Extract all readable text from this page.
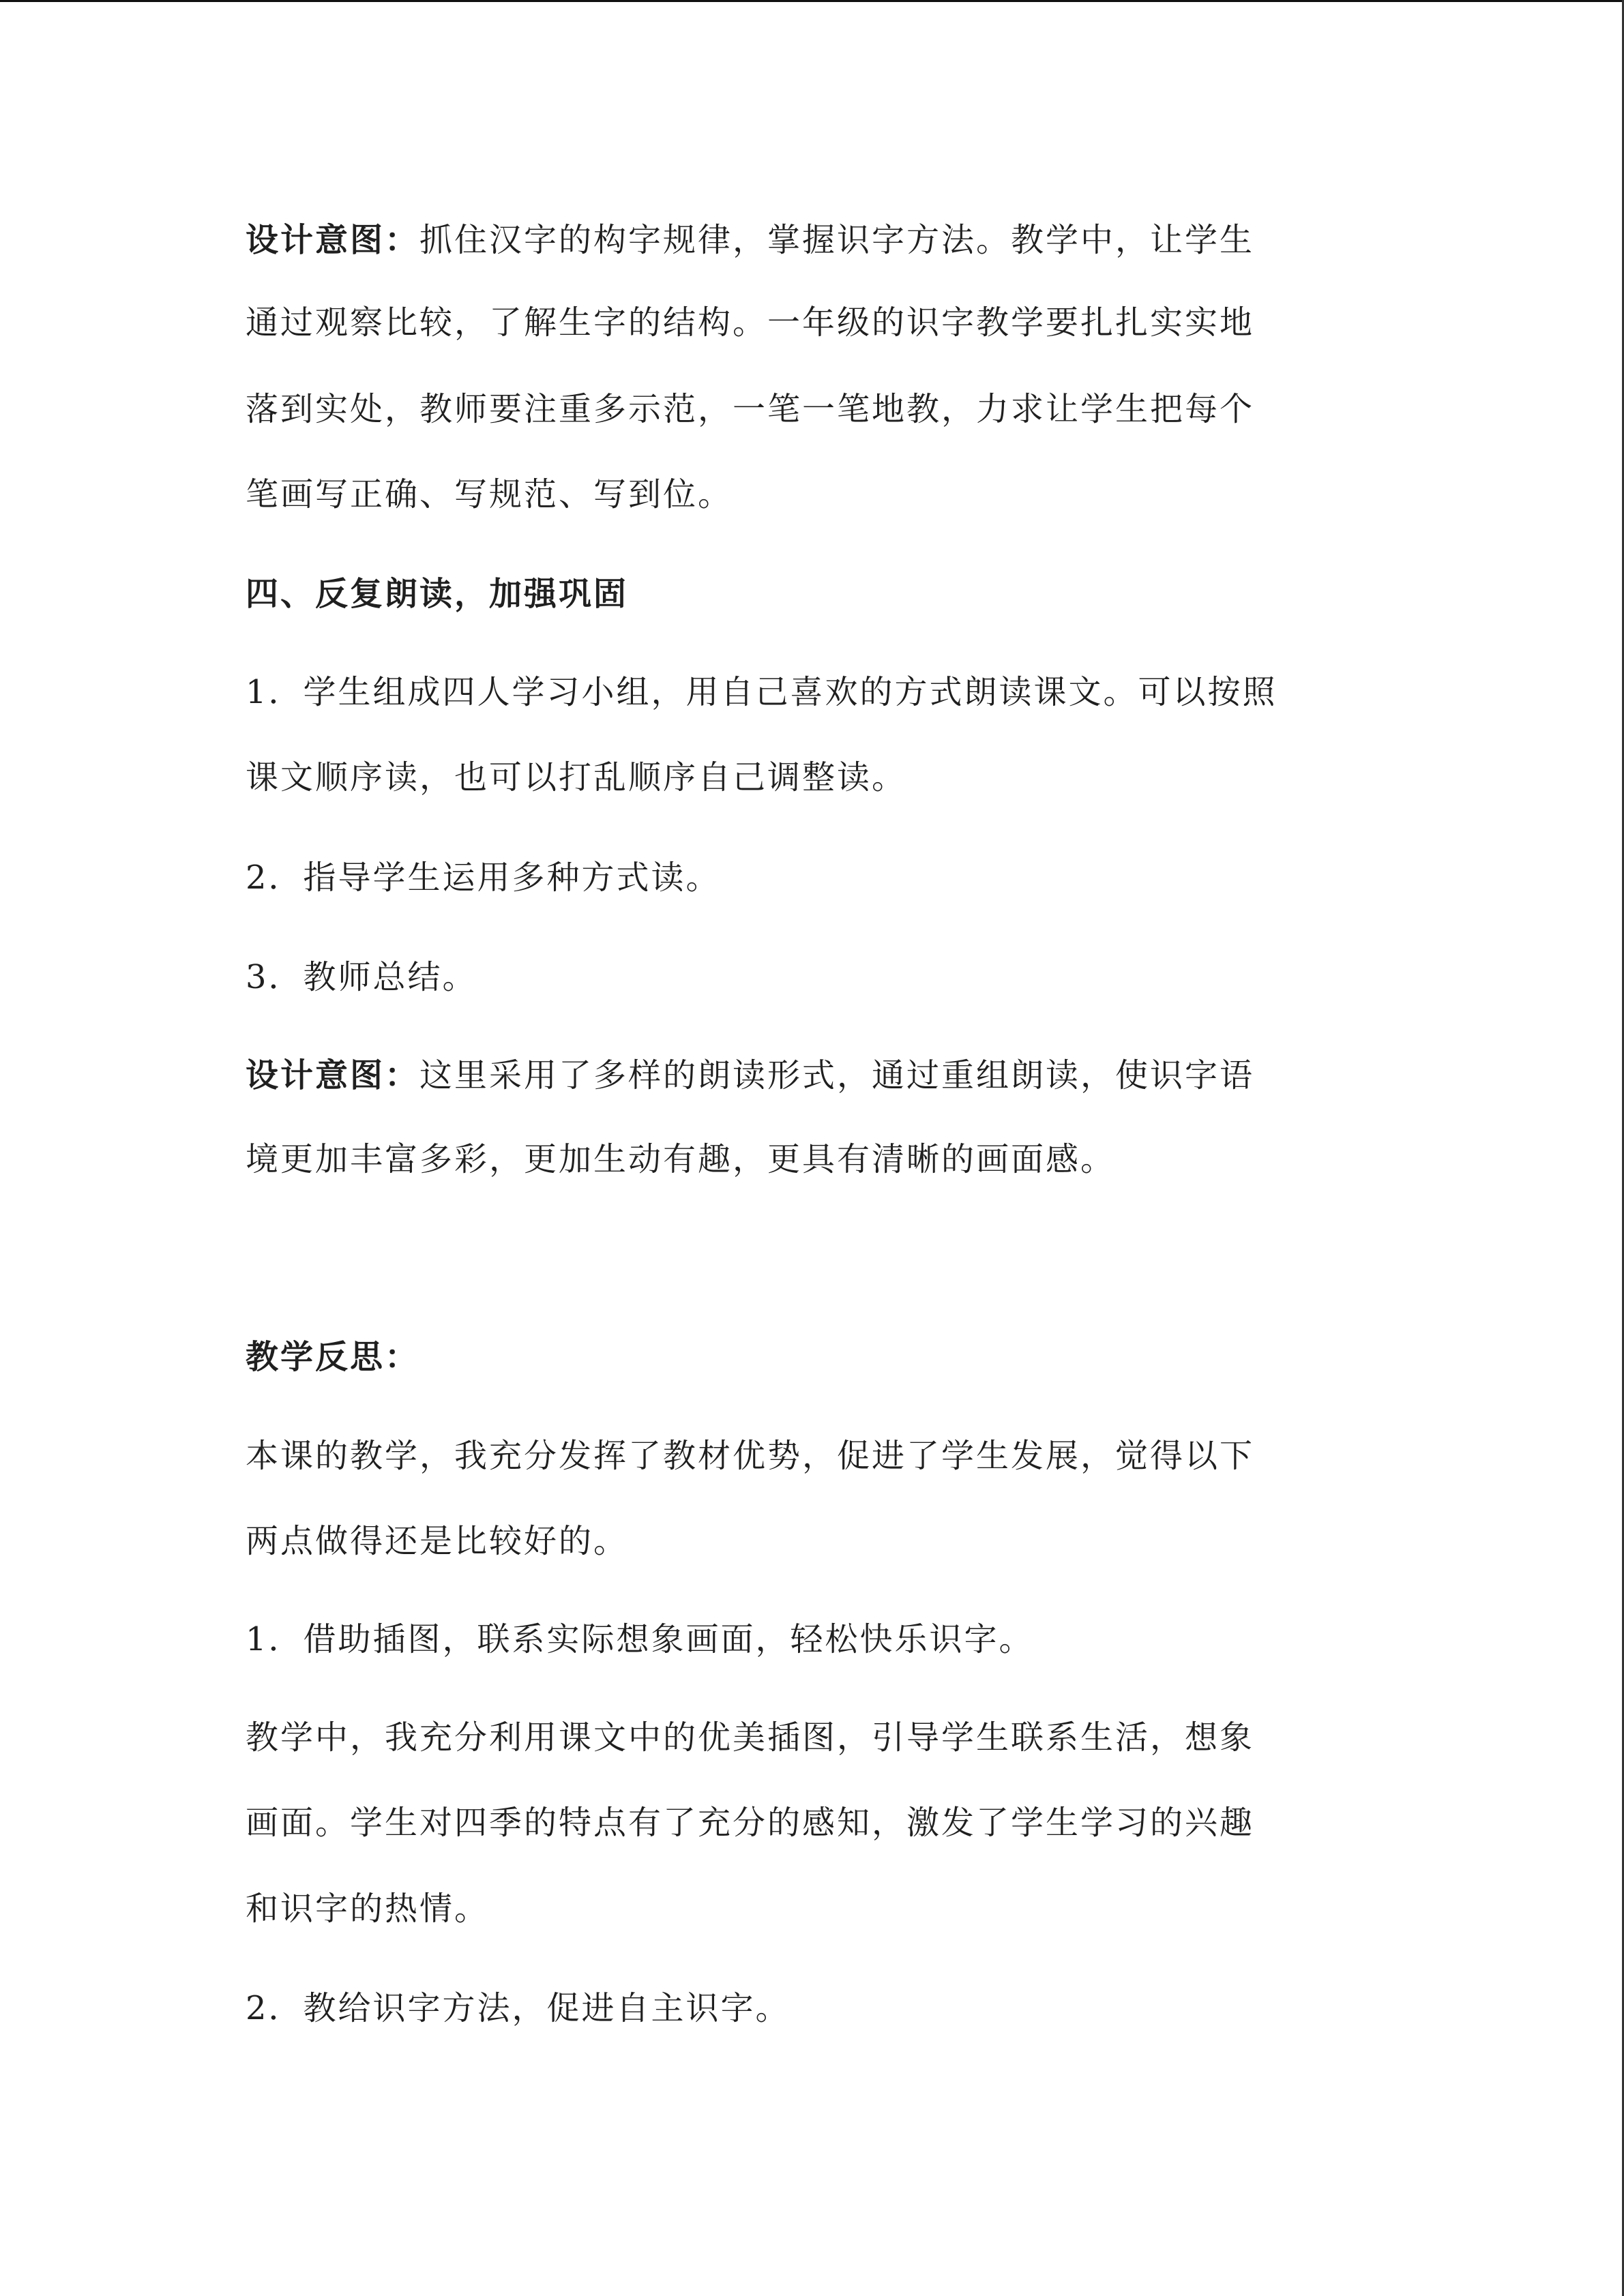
设计意图：抓住汉字的构字规律，掌握识字方法。教学中，让学生
通过观察比较，了解生字的结构。一年级的识字教学要扎扎实实地
落到实处，教师要注重多示范，一笔一笔地教，力求让学生把每个
笔画写正确、写规范、写到位。
四、反复朗读，加强巩固
1．学生组成四人学习小组，用自己喜欢的方式朗读课文。可以按照
课文顺序读，也可以打乱顺序自己调整读。
2．指导学生运用多种方式读。
3．教师总结。
设计意图：这里采用了多样的朗读形式，通过重组朗读，使识字语
境更加丰富多彩，更加生动有趣，更具有清晰的画面感。
教学反思：
本课的教学，我充分发挥了教材优势，促进了学生发展，觉得以下
两点做得还是比较好的。
1．借助插图，联系实际想象画面，轻松快乐识字。
教学中，我充分利用课文中的优美插图，引导学生联系生活，想象
画面。学生对四季的特点有了充分的感知，激发了学生学习的兴趣
和识字的热情。
2．教给识字方法，促进自主识字。
